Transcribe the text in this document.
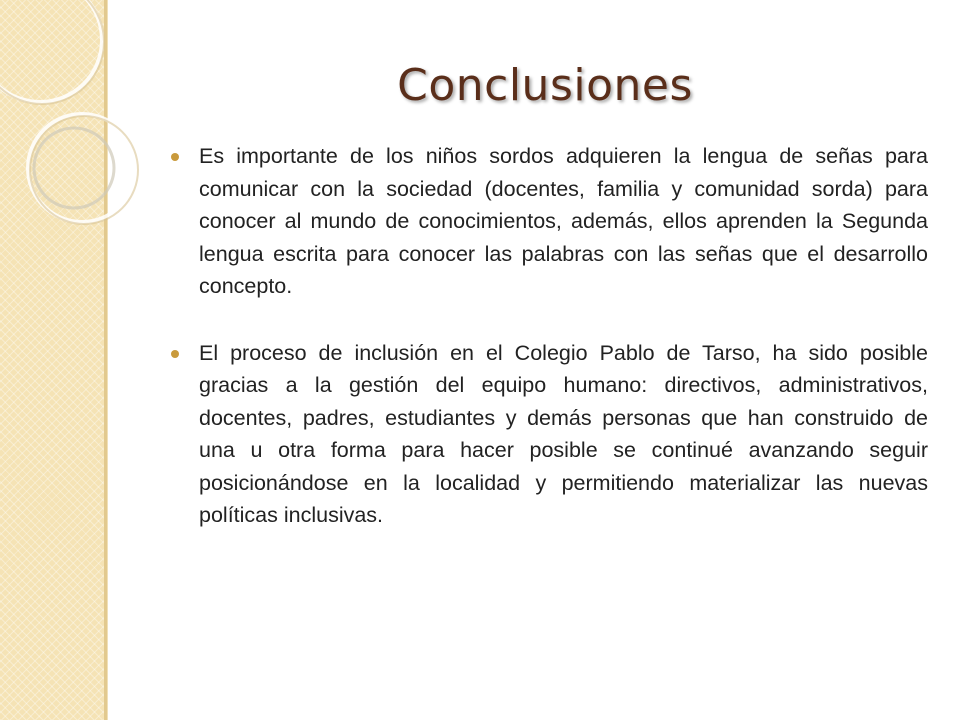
Conclusiones
Es importante de los niños sordos adquieren la lengua de señas para comunicar con la sociedad (docentes, familia y comunidad sorda) para conocer al mundo de conocimientos, además, ellos aprenden la Segunda lengua escrita para conocer las palabras con las señas que el desarrollo concepto.
El proceso de inclusión en el Colegio Pablo de Tarso, ha sido posible gracias a la gestión del equipo humano: directivos, administrativos, docentes, padres, estudiantes y demás personas que han construido de una u otra forma para hacer posible se continué avanzando seguir posicionándose en la localidad y permitiendo materializar las nuevas políticas inclusivas.
